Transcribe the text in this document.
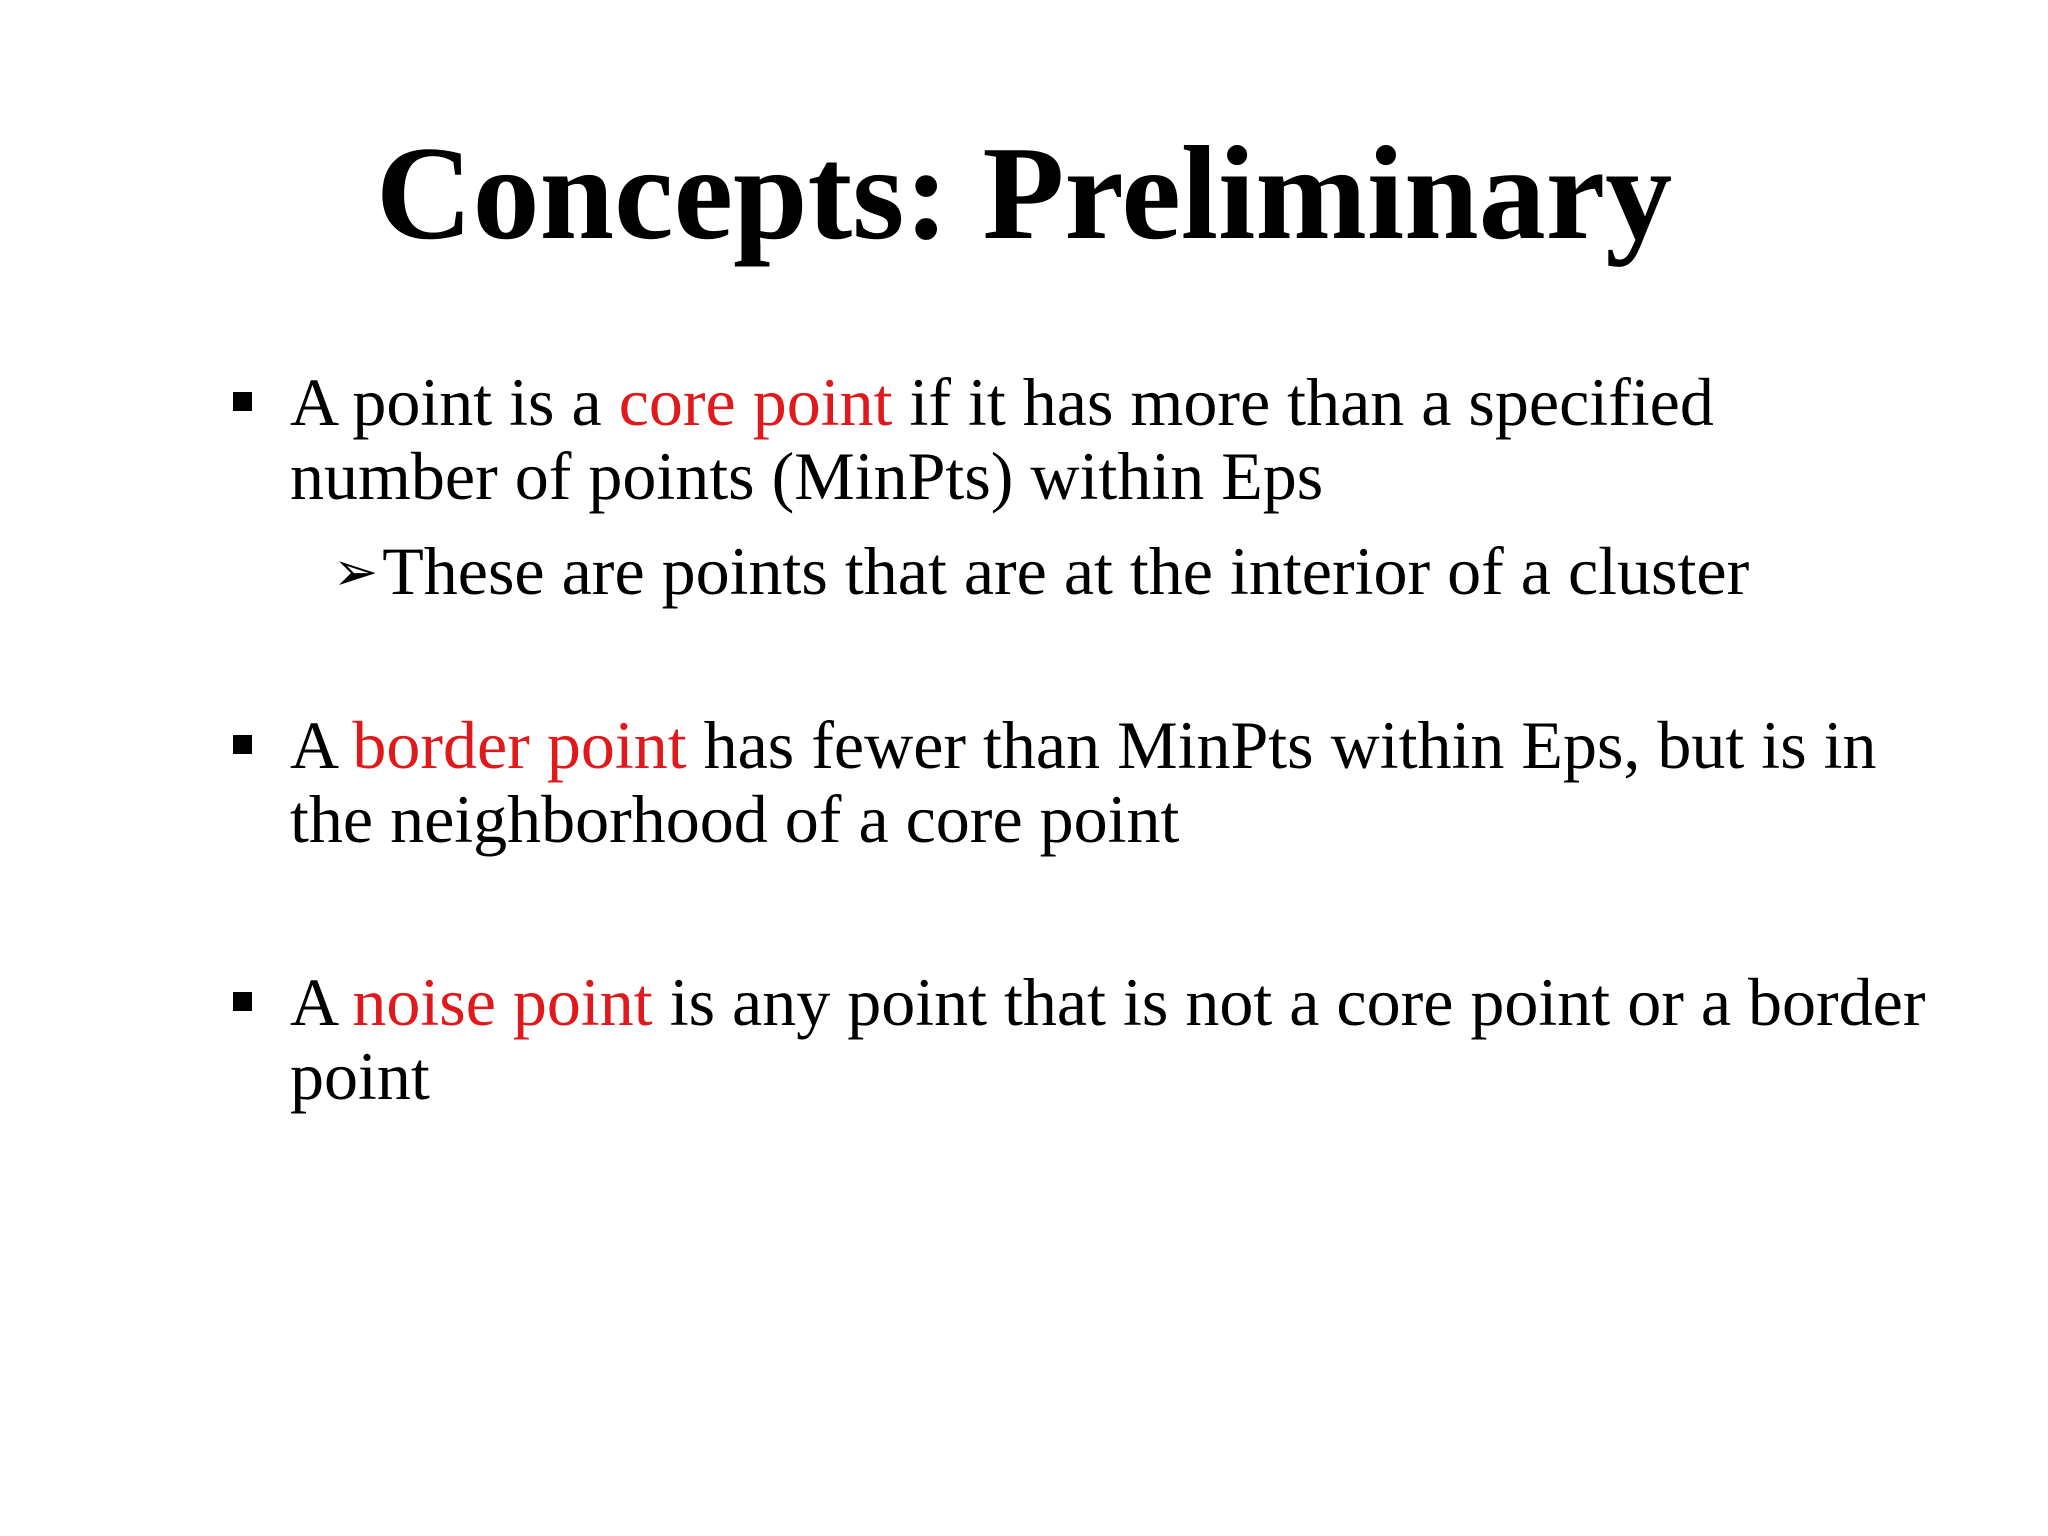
Concepts: Preliminary
A point is a core point if it has more than a specified number of points (MinPts) within Eps
➢These are points that are at the interior of a cluster
A border point has fewer than MinPts within Eps, but is in the neighborhood of a core point
A noise point is any point that is not a core point or a border point
